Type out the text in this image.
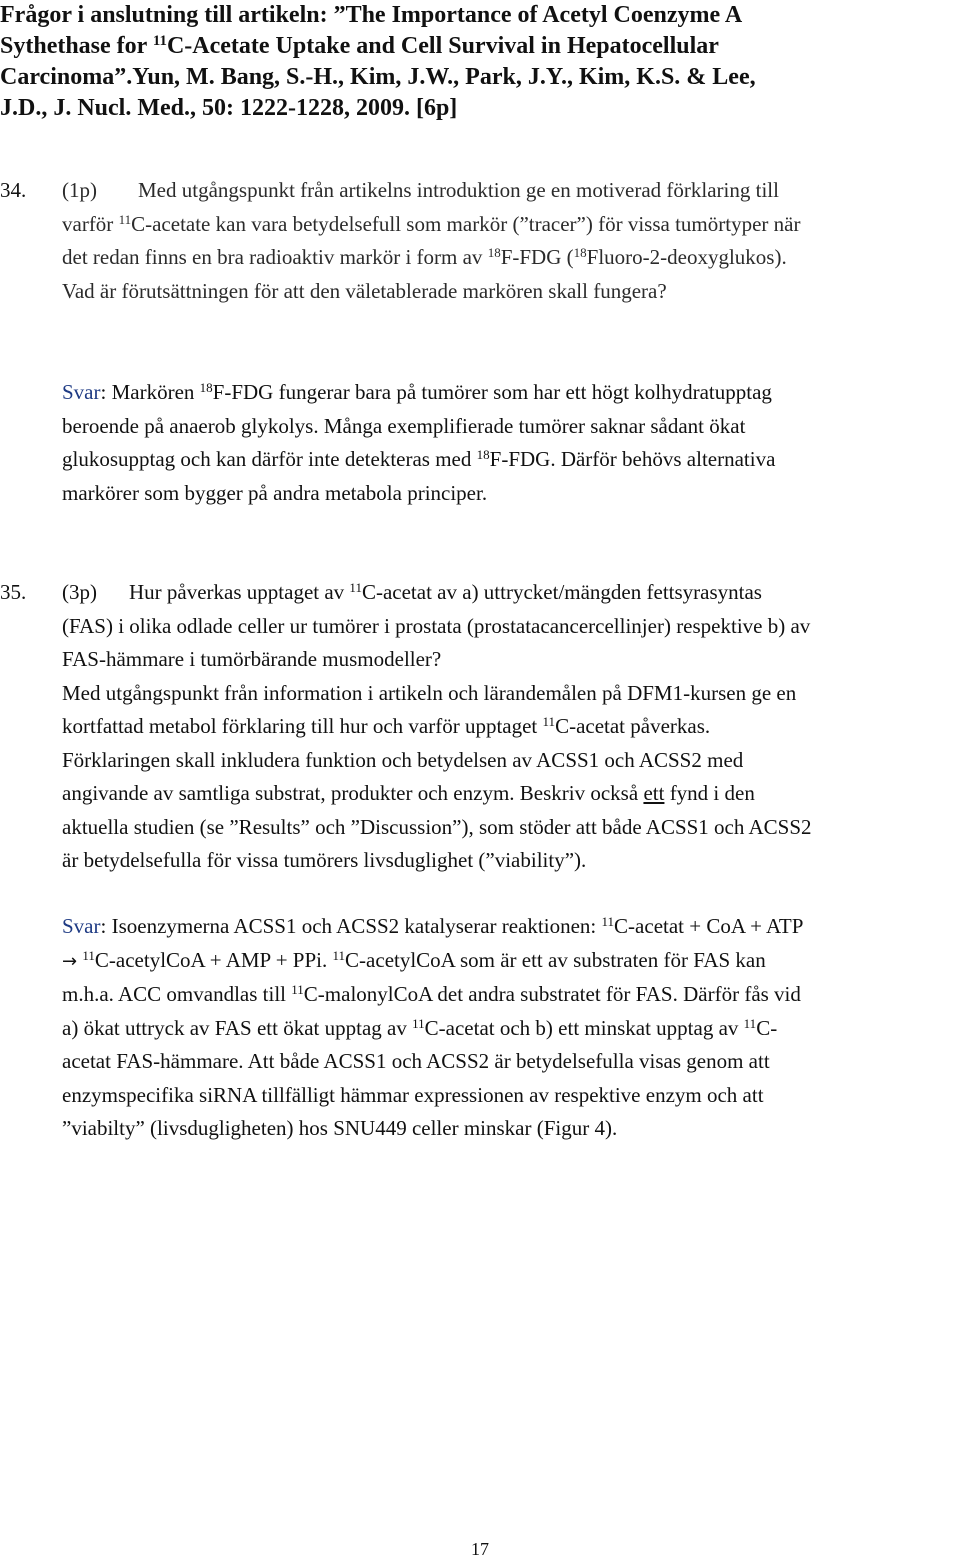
Frågor i anslutning till artikeln: ”The Importance of Acetyl Coenzyme A
Sythethase for $^{11}$C-Acetate Uptake and Cell Survival in Hepatocellular
Carcinoma”.Yun, M. Bang, S.-H., Kim, J.W., Park, J.Y., Kim, K.S. & Lee,
J.D., J. Nucl. Med., 50: 1222-1228, 2009. [6p]
34. (1p) Med utgångspunkt från artikelns introduktion ge en motiverad förklaring till
varför $^{11}$C-acetate kan vara betydelsefull som markör (”tracer”) för vissa tumörtyper när
det redan finns en bra radioaktiv markör i form av $^{18}$F-FDG ($^{18}$Fluoro-2-deoxyglukos).
Vad är förutsättningen för att den väletablerade markören skall fungera?
Svar: Markören $^{18}$F-FDG fungerar bara på tumörer som har ett högt kolhydratupptag
beroende på anaerob glykolys. Många exemplifierade tumörer saknar sådant ökat
glukosupptag och kan därför inte detekteras med $^{18}$F-FDG. Därför behövs alternativa
markörer som bygger på andra metabola principer.
35. (3p) Hur påverkas upptaget av $^{11}$C-acetat av a) uttrycket/mängden fettsyrasyntas
(FAS) i olika odlade celler ur tumörer i prostata (prostatacancercellinjer) respektive b) av
FAS-hämmare i tumörbärande musmodeller?
Med utgångspunkt från information i artikeln och lärandemålen på DFM1-kursen ge en
kortfattad metabol förklaring till hur och varför upptaget $^{11}$C-acetat påverkas.
Förklaringen skall inkludera funktion och betydelsen av ACSS1 och ACSS2 med
angivande av samtliga substrat, produkter och enzym. Beskriv också ett fynd i den
aktuella studien (se ”Results” och ”Discussion”), som stöder att både ACSS1 och ACSS2
är betydelsefulla för vissa tumörers livsduglighet (”viability”).
Svar: Isoenzymerna ACSS1 och ACSS2 katalyserar reaktionen: $^{11}$C-acetat + CoA + ATP
→ $^{11}$C-acetylCoA + AMP + PPi. $^{11}$C-acetylCoA som är ett av substraten för FAS kan
m.h.a. ACC omvandlas till $^{11}$C-malonylCoA det andra substratet för FAS. Därför fås vid
a) ökat uttryck av FAS ett ökat upptag av $^{11}$C-acetat och b) ett minskat upptag av $^{11}$C-
acetat FAS-hämmare. Att både ACSS1 och ACSS2 är betydelsefulla visas genom att
enzymspecifika siRNA tillfälligt hämmar expressionen av respektive enzym och att
”viabilty” (livsdugligheten) hos SNU449 celler minskar (Figur 4).
17
